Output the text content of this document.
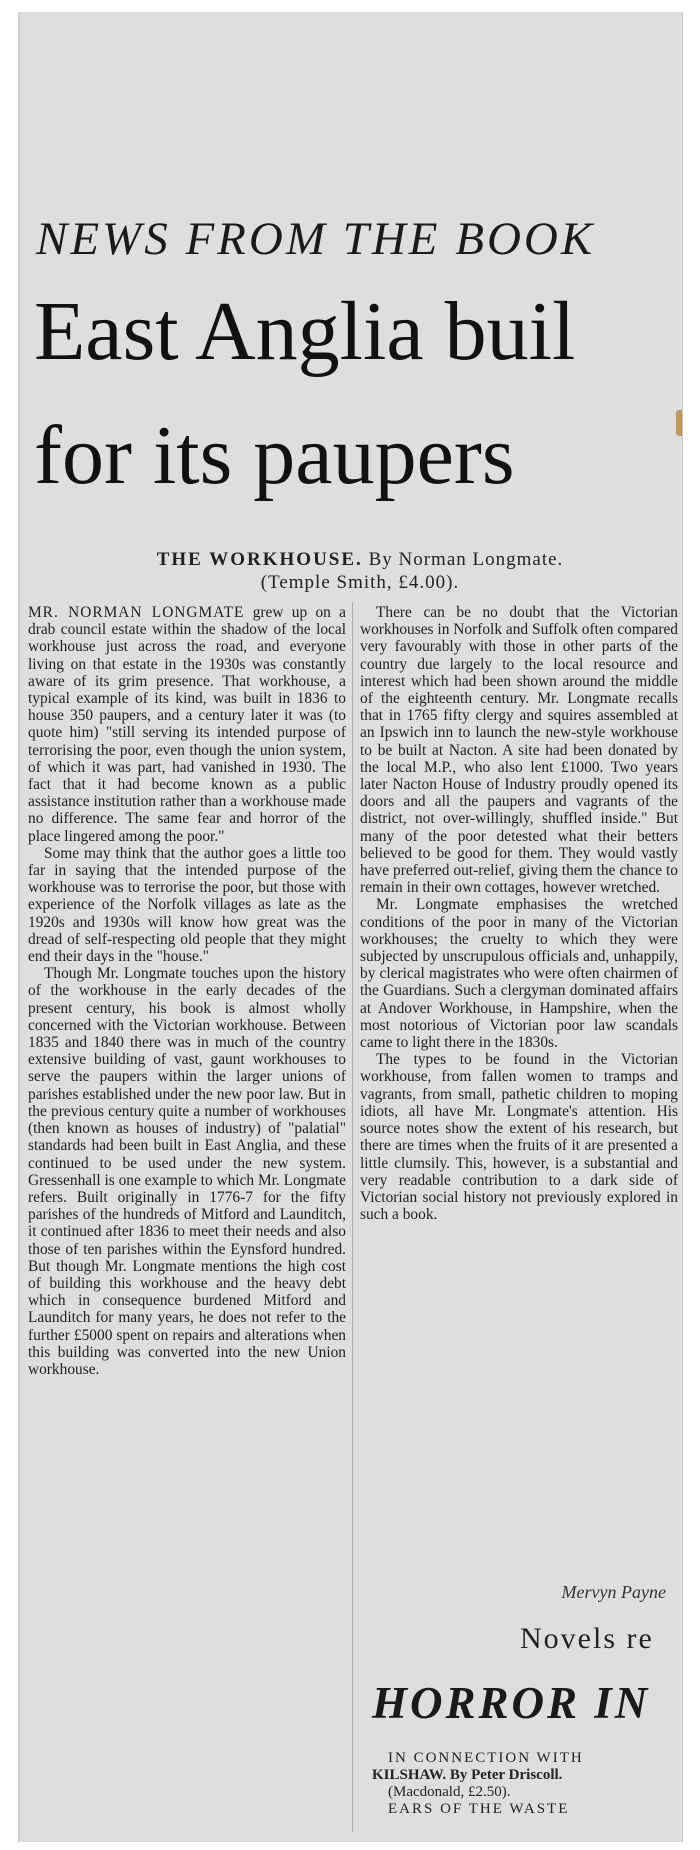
NEWS FROM THE BOOK
East Anglia buil
for its paupers
THE WORKHOUSE. By Norman Longmate.
(Temple Smith, £4.00).

MR. NORMAN LONGMATE grew up on a drab council estate within the shadow of the local workhouse just across the road, and everyone living on that estate in the 1930s was constantly aware of its grim presence. That workhouse, a typical example of its kind, was built in 1836 to house 350 paupers, and a century later it was (to quote him) "still serving its intended purpose of terrorising the poor, even though the union system, of which it was part, had vanished in 1930. The fact that it had become known as a public assistance institution rather than a workhouse made no difference. The same fear and horror of the place lingered among the poor."

Some may think that the author goes a little too far in saying that the intended purpose of the workhouse was to terrorise the poor, but those with experience of the Norfolk villages as late as the 1920s and 1930s will know how great was the dread of self-respecting old people that they might end their days in the "house."

Though Mr. Longmate touches upon the history of the workhouse in the early decades of the present century, his book is almost wholly concerned with the Victorian workhouse. Between 1835 and 1840 there was in much of the country extensive building of vast, gaunt workhouses to serve the paupers within the larger unions of parishes established under the new poor law. But in the previous century quite a number of workhouses (then known as houses of industry) of "palatial" standards had been built in East Anglia, and these continued to be used under the new system. Gressenhall is one example to which Mr. Longmate refers. Built originally in 1776-7 for the fifty parishes of the hundreds of Mitford and Launditch, it continued after 1836 to meet their needs and also those of ten parishes within the Eynsford hundred. But though Mr. Longmate mentions the high cost of building this workhouse and the heavy debt which in consequence burdened Mitford and Launditch for many years, he does not refer to the further £5000 spent on repairs and alterations when this building was converted into the new Union workhouse.

There can be no doubt that the Victorian workhouses in Norfolk and Suffolk often compared very favourably with those in other parts of the country due largely to the local resource and interest which had been shown around the middle of the eighteenth century. Mr. Longmate recalls that in 1765 fifty clergy and squires assembled at an Ipswich inn to launch the new-style workhouse to be built at Nacton. A site had been donated by the local M.P., who also lent £1000. Two years later Nacton House of Industry proudly opened its doors and all the paupers and vagrants of the district, not over-willingly, shuffled inside." But many of the poor detested what their betters believed to be good for them. They would vastly have preferred out-relief, giving them the chance to remain in their own cottages, however wretched.

Mr. Longmate emphasises the wretched conditions of the poor in many of the Victorian workhouses; the cruelty to which they were subjected by unscrupulous officials and, unhappily, by clerical magistrates who were often chairmen of the Guardians. Such a clergyman dominated affairs at Andover Workhouse, in Hampshire, when the most notorious of Victorian poor law scandals came to light there in the 1830s.

The types to be found in the Victorian workhouse, from fallen women to tramps and vagrants, from small, pathetic children to moping idiots, all have Mr. Longmate's attention. His source notes show the extent of his research, but there are times when the fruits of it are presented a little clumsily. This, however, is a substantial and very readable contribution to a dark side of Victorian social history not previously explored in such a book.

Mervyn Payne
Novels re
HORROR IN
IN CONNECTION WITH
KILSHAW. By Peter Driscoll.
(Macdonald, £2.50).
EARS OF THE WASTE
